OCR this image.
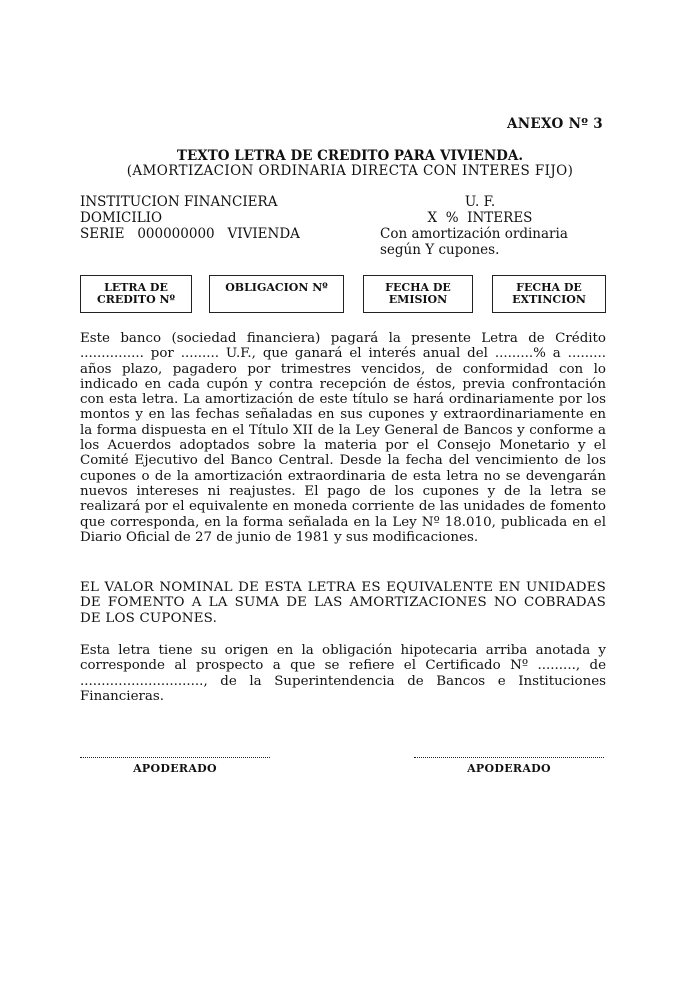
ANEXO Nº 3
TEXTO LETRA DE CREDITO PARA VIVIENDA.
(AMORTIZACION ORDINARIA DIRECTA CON INTERES FIJO)
INSTITUCION FINANCIERA
DOMICILIO
SERIE   000000000   VIVIENDA
U. F.
X  %  INTERES
Con amortización ordinaria
según Y cupones.
LETRA DE
CREDITO Nº
OBLIGACION Nº	FECHA DE
EMISION
FECHA DE
EXTINCION
Este banco (sociedad financiera) pagará la presente Letra de Crédito ............... por ......... U.F., que ganará el interés anual del .........% a ......... años plazo, pagadero por trimestres vencidos, de conformidad con lo indicado en cada cupón y contra recepción de éstos, previa confrontación con esta letra. La amortización de este título se hará ordinariamente por los montos y en las fechas señaladas en sus cupones y extraordinariamente en la forma dispuesta en el Título XII de la Ley General de Bancos y conforme a los Acuerdos adoptados sobre la materia por el Consejo Monetario y el Comité Ejecutivo del Banco Central. Desde la fecha del vencimiento de los cupones o de la amortización extraordinaria de esta letra no se devengarán nuevos intereses ni reajustes. El pago de los cupones y de la letra se realizará por el equivalente en moneda corriente de las unidades de fomento que corresponda, en la forma señalada en la Ley Nº 18.010, publicada en el Diario Oficial de 27 de junio de 1981 y sus modificaciones.
EL VALOR NOMINAL DE ESTA LETRA ES EQUIVALENTE EN UNIDADES DE FOMENTO A LA SUMA DE LAS AMORTIZACIONES NO COBRADAS DE LOS CUPONES.
Esta letra tiene su origen en la obligación hipotecaria arriba anotada y corresponde al prospecto a que se refiere el Certificado Nº ........., de ............................., de la Superintendencia de Bancos e Instituciones Financieras.
APODERADO	APODERADO
